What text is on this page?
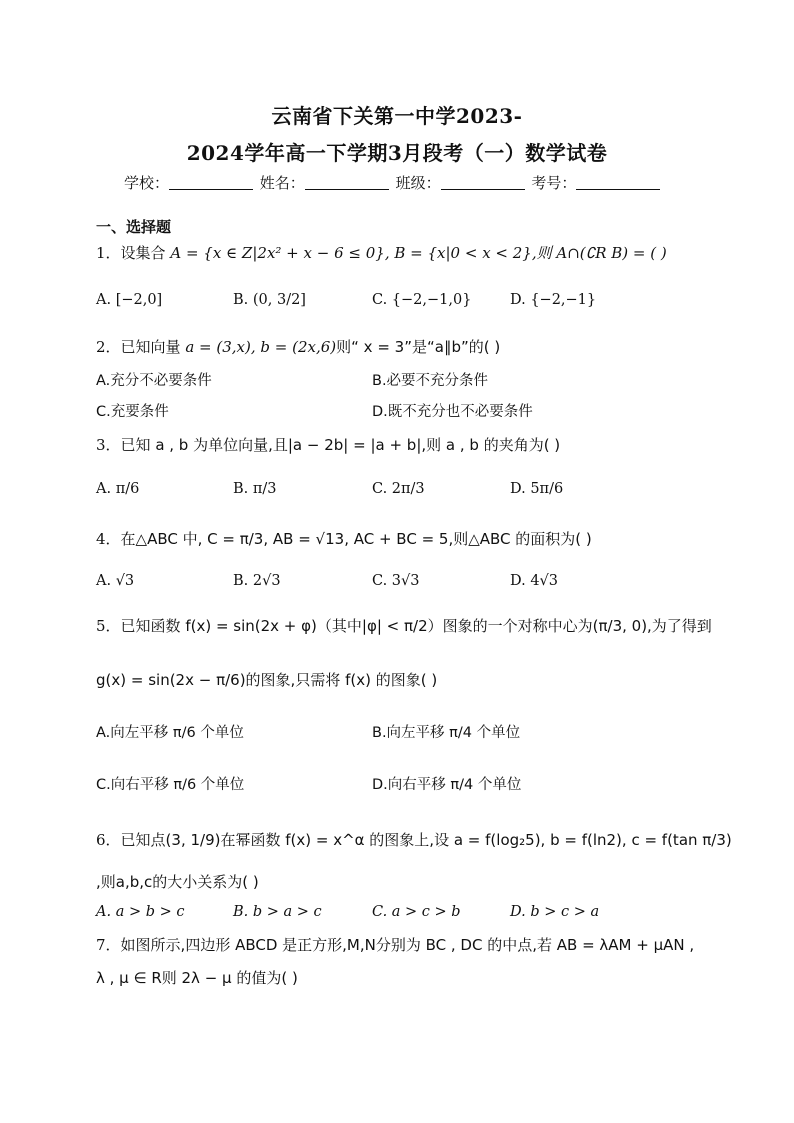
云南省下关第一中学2023-
2024学年高一下学期3月段考（一）数学试卷
学校：	姓名：	班级：	考号：
一、选择题
1．设集合 A = {x ∈ Z|2x² + x − 6 ≤ 0}, B = {x|0 < x < 2},则 A∩(∁R B) = ( )
A. [−2,0]	B. (0, 3/2]	C. {−2,−1,0}	D. {−2,−1}
2．已知向量 a = (3,x), b = (2x,6)则“ x = 3”是“a∥b”的( )
A.充分不必要条件	B.必要不充分条件
C.充要条件	D.既不充分也不必要条件
3．已知 a , b 为单位向量,且|a − 2b| = |a + b|,则 a , b 的夹角为( )
A. π/6	B. π/3	C. 2π/3	D. 5π/6
4．在△ABC 中, C = π/3, AB = √13, AC + BC = 5,则△ABC 的面积为( )
A. √3	B. 2√3	C. 3√3	D. 4√3
5．已知函数 f(x) = sin(2x + φ)（其中|φ| < π/2）图象的一个对称中心为(π/3, 0),为了得到
g(x) = sin(2x − π/6)的图象,只需将 f(x) 的图象( )
A.向左平移 π/6 个单位	B.向左平移 π/4 个单位
C.向右平移 π/6 个单位	D.向右平移 π/4 个单位
6．已知点(3, 1/9)在幂函数 f(x) = x^α 的图象上,设 a = f(log₂5), b = f(ln2), c = f(tan π/3)
,则a,b,c的大小关系为( )
A. a > b > c	B. b > a > c	C. a > c > b	D. b > c > a
7．如图所示,四边形 ABCD 是正方形,M,N分别为 BC , DC 的中点,若 AB = λAM + μAN ,
λ , μ ∈ R则 2λ − μ 的值为( )
